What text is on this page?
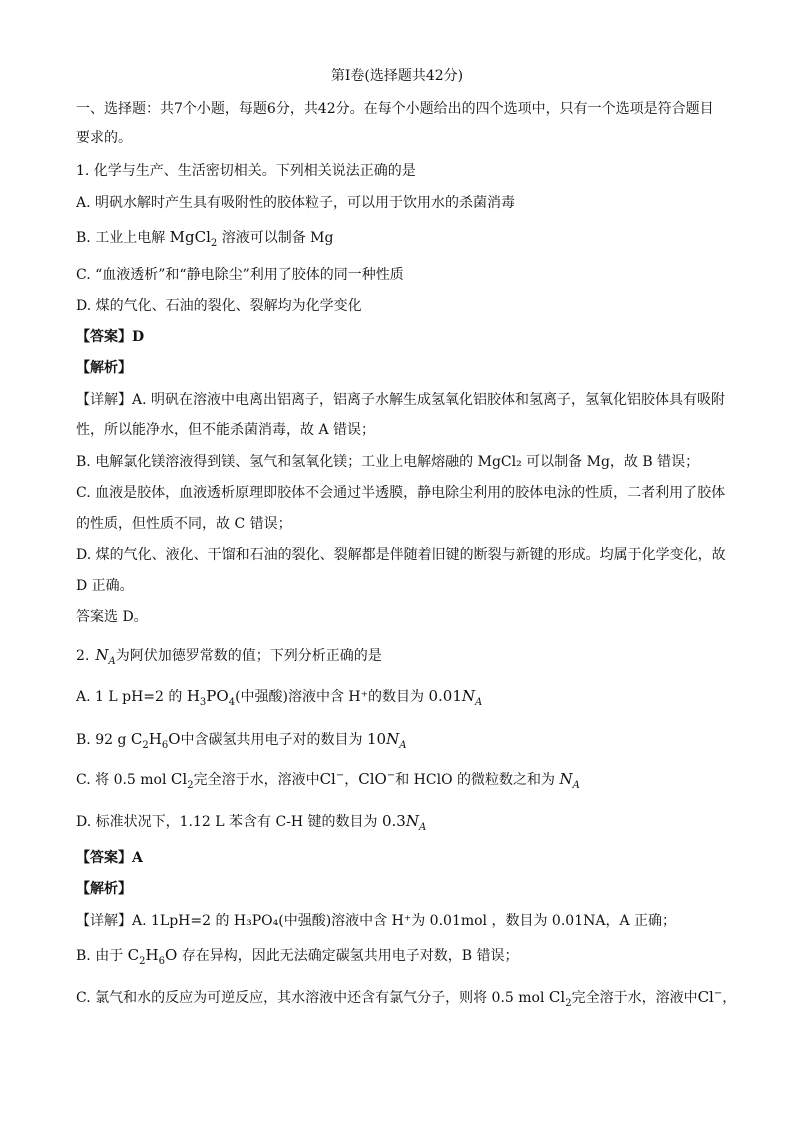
第Ⅰ卷(选择题共42分)
一、选择题：共7个小题，每题6分，共42分。在每个小题给出的四个选项中，只有一个选项是符合题目
要求的。
1. 化学与生产、生活密切相关。下列相关说法正确的是
A. 明矾水解时产生具有吸附性的胶体粒子，可以用于饮用水的杀菌消毒
B. 工业上电解 MgCl$_2$ 溶液可以制备 Mg
C. “血液透析”和“静电除尘”利用了胶体的同一种性质
D. 煤的气化、石油的裂化、裂解均为化学变化
【答案】D
【解析】
【详解】A. 明矾在溶液中电离出铝离子，铝离子水解生成氢氧化铝胶体和氢离子，氢氧化铝胶体具有吸附
性，所以能净水，但不能杀菌消毒，故 A 错误；
B. 电解氯化镁溶液得到镁、氢气和氢氧化镁；工业上电解熔融的 MgCl₂ 可以制备 Mg，故 B 错误；
C. 血液是胶体，血液透析原理即胶体不会通过半透膜，静电除尘利用的胶体电泳的性质，二者利用了胶体
的性质，但性质不同，故 C 错误；
D. 煤的气化、液化、干馏和石油的裂化、裂解都是伴随着旧键的断裂与新键的形成。均属于化学变化，故
D 正确。
答案选 D。
2. $N_A$为阿伏加德罗常数的值；下列分析正确的是
A. 1 L pH=2 的 $H_3PO_4$(中强酸)溶液中含 H⁺的数目为 $0.01N_A$
B. 92 g $C_2H_6O$中含碳氢共用电子对的数目为 $10N_A$
C. 将 0.5 mol $Cl_2$完全溶于水，溶液中Cl−，ClO−和 HClO 的微粒数之和为 $N_A$
D. 标准状况下，1.12 L 苯含有 C-H 键的数目为 $0.3N_A$
【答案】A
【解析】
【详解】A. 1LpH=2 的 H₃PO₄(中强酸)溶液中含 H⁺为 0.01mol ，数目为 0.01NA，A 正确；
B. 由于 $C_2H_6O$ 存在异构，因此无法确定碳氢共用电子对数，B 错误；
C. 氯气和水的反应为可逆反应，其水溶液中还含有氯气分子，则将 0.5 mol $Cl_2$完全溶于水，溶液中Cl−，
